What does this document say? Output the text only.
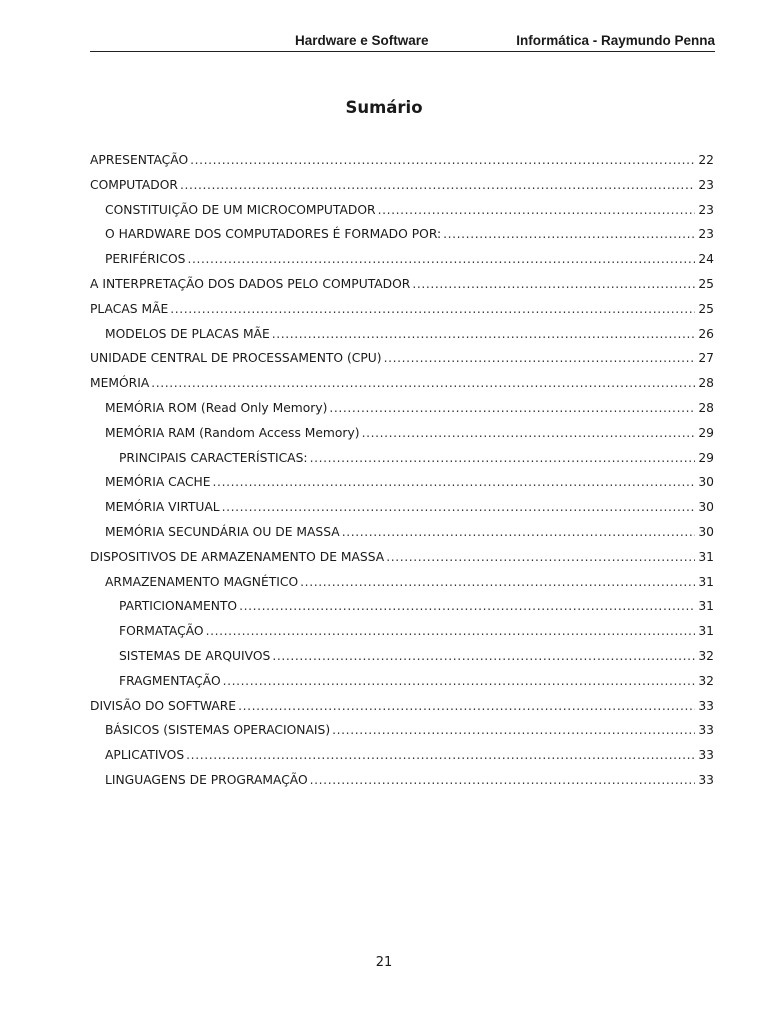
Hardware e Software	Informática - Raymundo Penna
Sumário
APRESENTAÇÃO .....	22
COMPUTADOR .....	23
CONSTITUIÇÃO DE UM MICROCOMPUTADOR .....	23
O HARDWARE DOS COMPUTADORES É FORMADO POR: .....	23
PERIFÉRICOS .....	24
A INTERPRETAÇÃO DOS DADOS PELO COMPUTADOR .....	25
PLACAS MÃE .....	25
MODELOS DE PLACAS MÃE .....	26
UNIDADE CENTRAL DE PROCESSAMENTO (CPU) .....	27
MEMÓRIA .....	28
MEMÓRIA ROM (Read Only Memory) .....	28
MEMÓRIA RAM (Random Access Memory) .....	29
PRINCIPAIS CARACTERÍSTICAS: .....	29
MEMÓRIA CACHE .....	30
MEMÓRIA VIRTUAL .....	30
MEMÓRIA SECUNDÁRIA OU DE MASSA .....	30
DISPOSITIVOS DE ARMAZENAMENTO DE MASSA .....	31
ARMAZENAMENTO MAGNÉTICO .....	31
PARTICIONAMENTO .....	31
FORMATAÇÃO .....	31
SISTEMAS DE ARQUIVOS .....	32
FRAGMENTAÇÃO .....	32
DIVISÃO DO SOFTWARE .....	33
BÁSICOS (SISTEMAS OPERACIONAIS) .....	33
APLICATIVOS .....	33
LINGUAGENS DE PROGRAMAÇÃO .....	33
21
